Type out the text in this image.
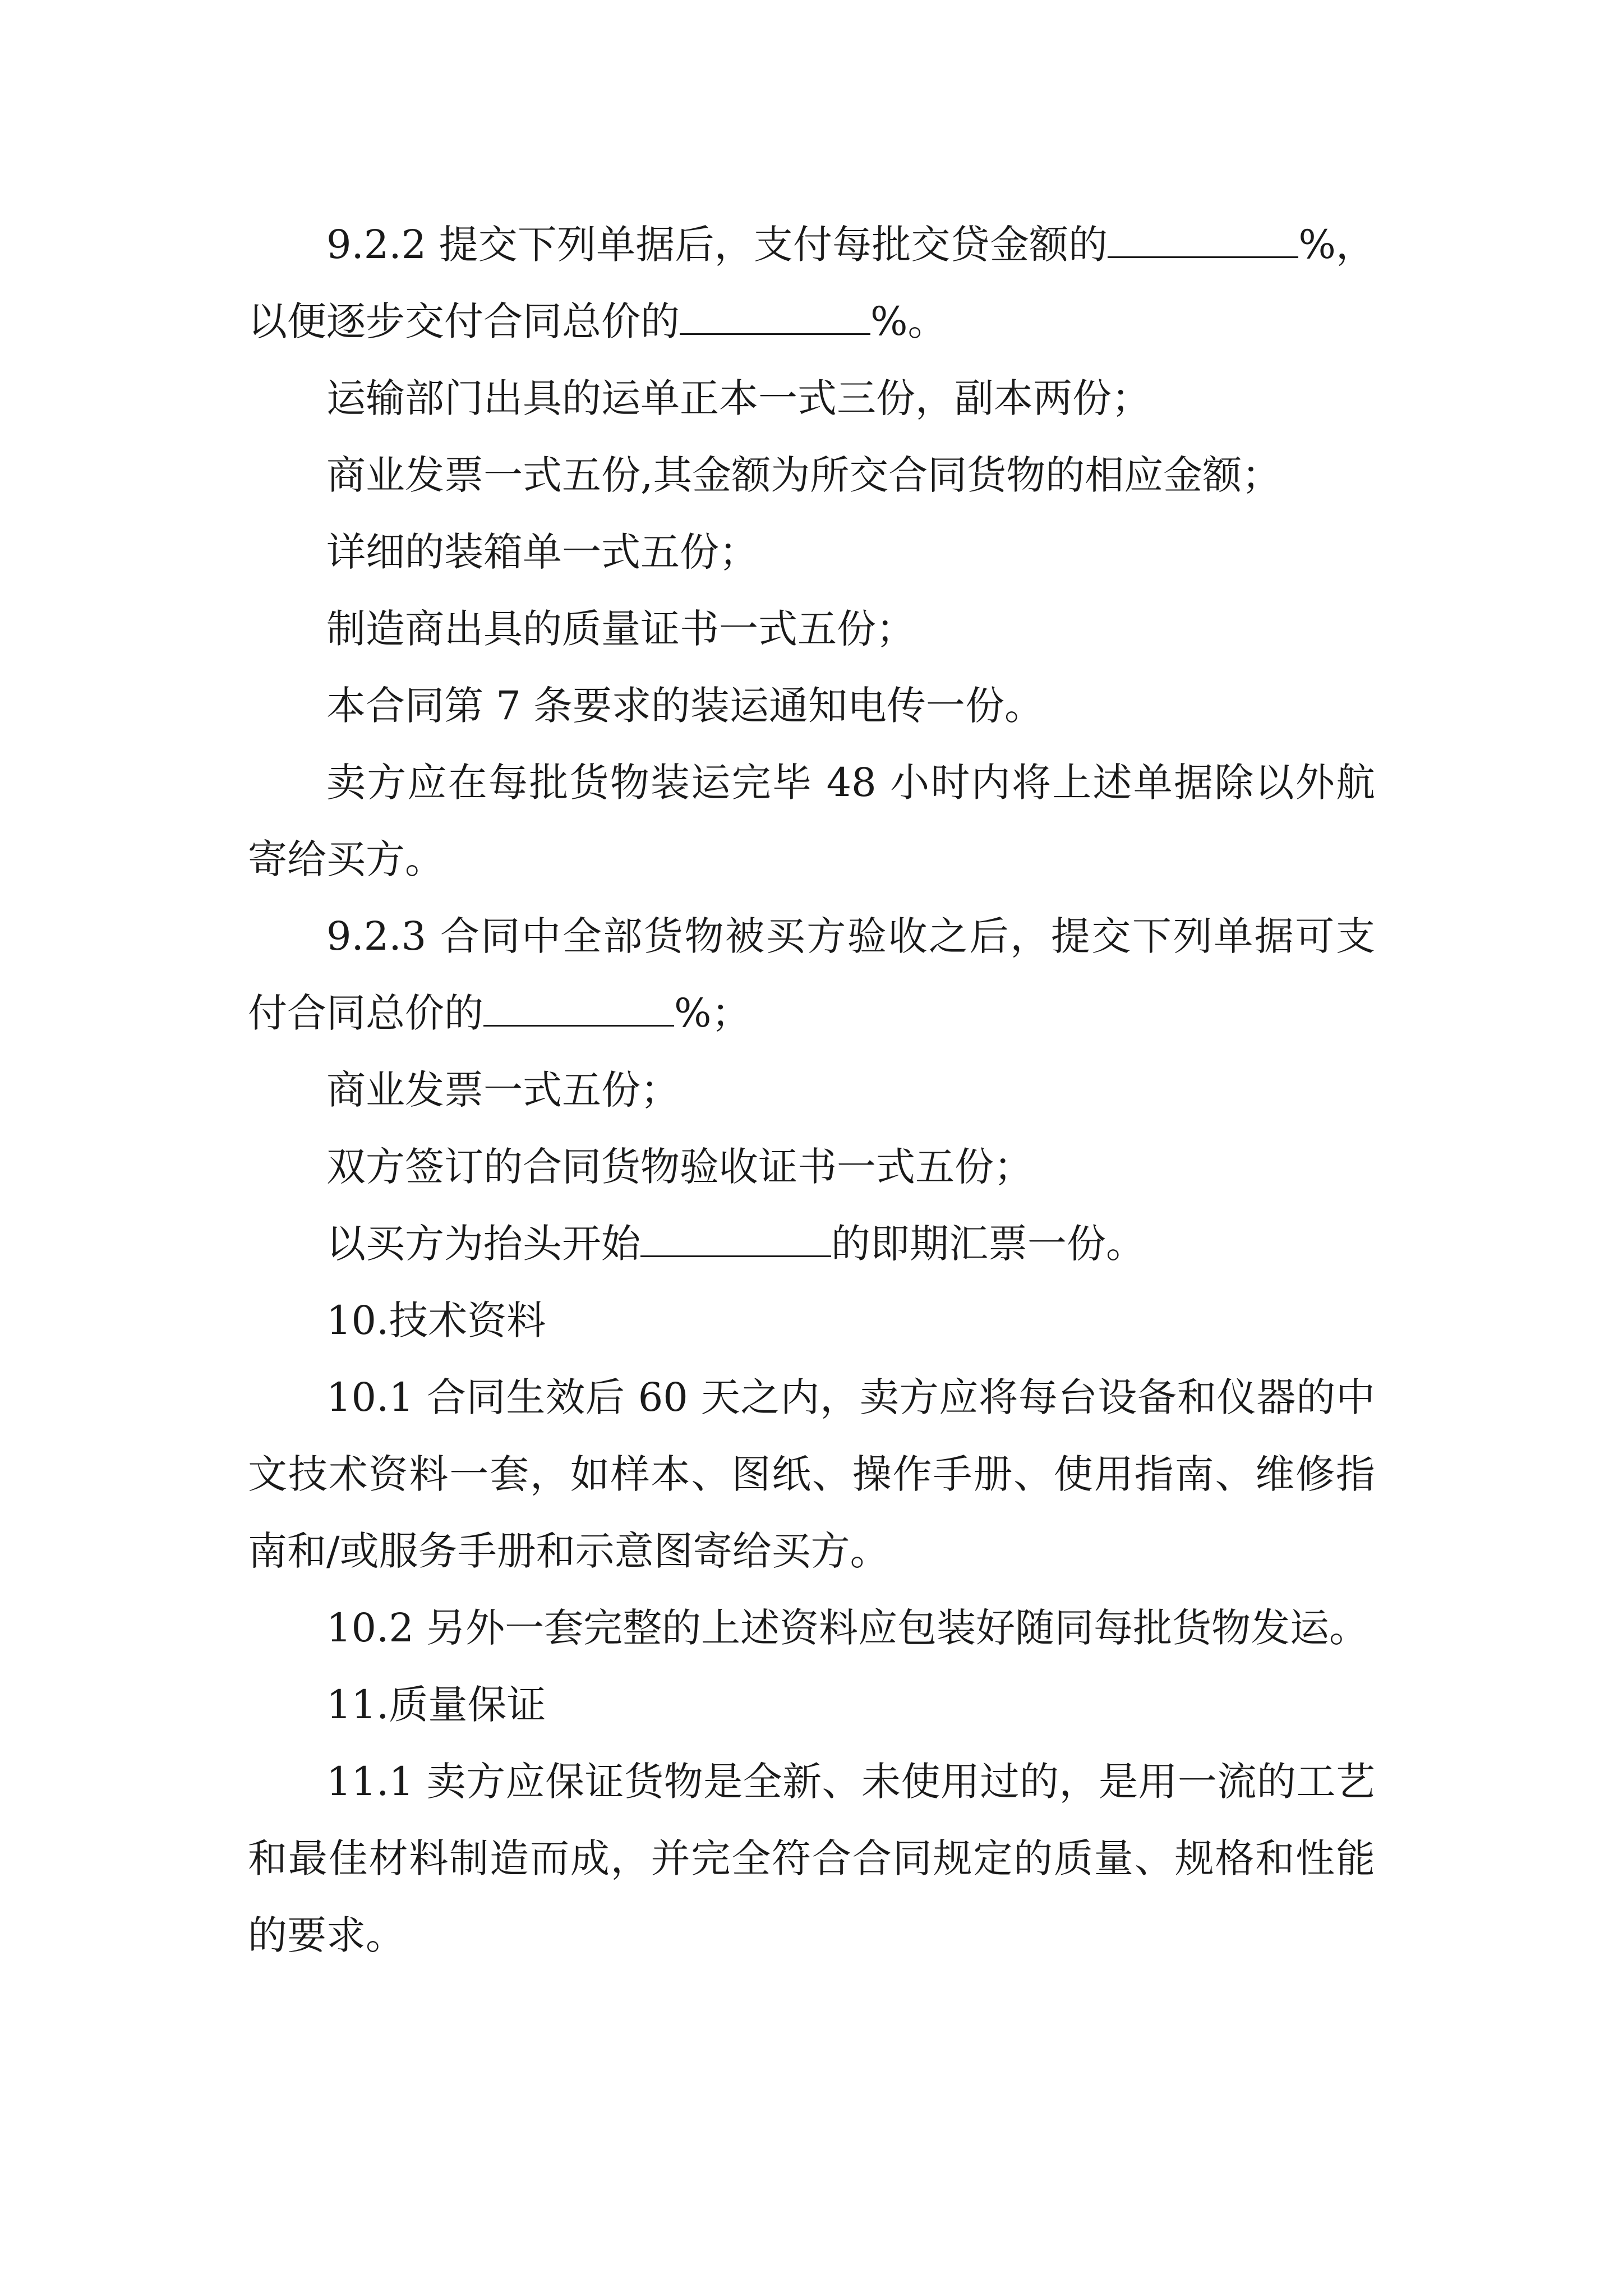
9.2.2 提交下列单据后，支付每批交贷金额的	%，以便逐步交付合同总价的	%。

运输部门出具的运单正本一式三份，副本两份；

商业发票一式五份,其金额为所交合同货物的相应金额；

详细的装箱单一式五份；

制造商出具的质量证书一式五份；

本合同第 7 条要求的装运通知电传一份。

卖方应在每批货物装运完毕 48 小时内将上述单据除以外航寄给买方。

9.2.3 合同中全部货物被买方验收之后，提交下列单据可支付合同总价的	%；

商业发票一式五份；

双方签订的合同货物验收证书一式五份；

以买方为抬头开始	的即期汇票一份。

10.技术资料

10.1 合同生效后 60 天之内，卖方应将每台设备和仪器的中文技术资料一套，如样本、图纸、操作手册、使用指南、维修指南和/或服务手册和示意图寄给买方。

10.2 另外一套完整的上述资料应包装好随同每批货物发运。

11.质量保证

11.1 卖方应保证货物是全新、未使用过的，是用一流的工艺和最佳材料制造而成，并完全符合合同规定的质量、规格和性能的要求。
